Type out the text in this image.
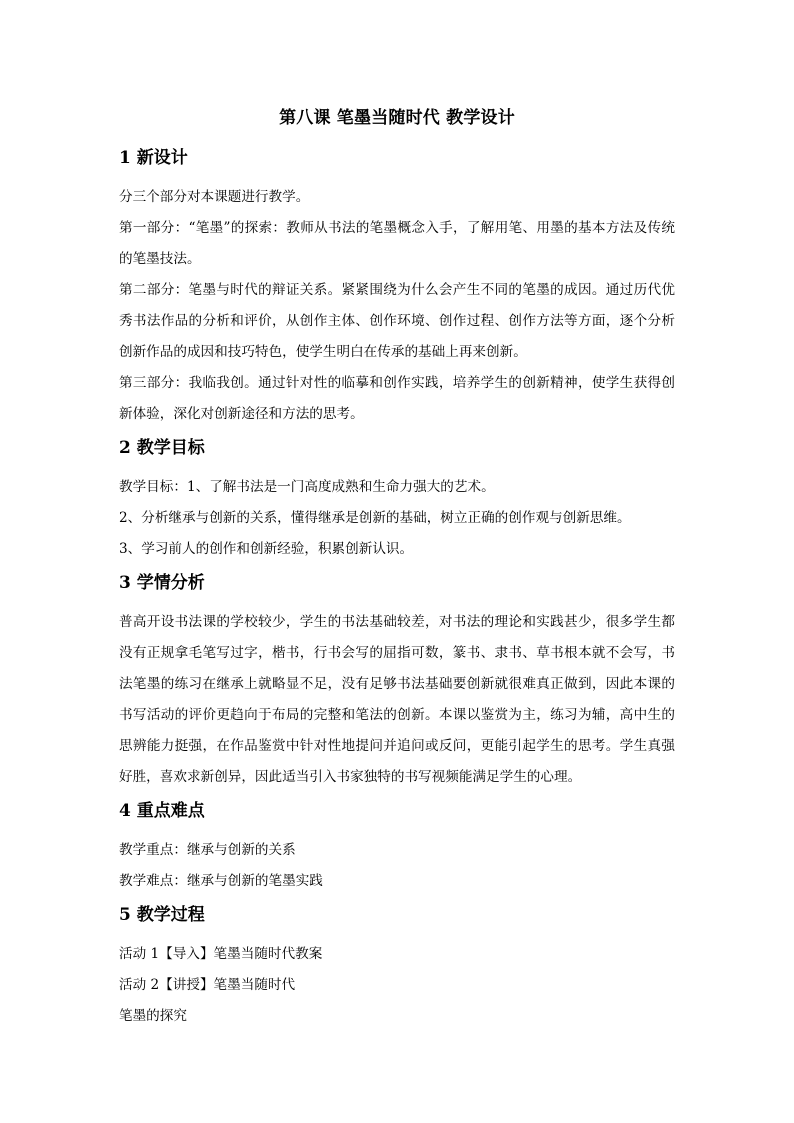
第八课 笔墨当随时代 教学设计
1 新设计

分三个部分对本课题进行教学。

第一部分：“笔墨”的探索：教师从书法的笔墨概念入手，了解用笔、用墨的基本方法及传统的笔墨技法。

第二部分：笔墨与时代的辩证关系。紧紧围绕为什么会产生不同的笔墨的成因。通过历代优秀书法作品的分析和评价，从创作主体、创作环境、创作过程、创作方法等方面，逐个分析创新作品的成因和技巧特色，使学生明白在传承的基础上再来创新。

第三部分：我临我创。通过针对性的临摹和创作实践，培养学生的创新精神，使学生获得创新体验，深化对创新途径和方法的思考。

2 教学目标

教学目标：1、了解书法是一门高度成熟和生命力强大的艺术。

2、分析继承与创新的关系，懂得继承是创新的基础，树立正确的创作观与创新思维。

3、学习前人的创作和创新经验，积累创新认识。

3 学情分析

普高开设书法课的学校较少，学生的书法基础较差，对书法的理论和实践甚少，很多学生都没有正规拿毛笔写过字，楷书，行书会写的屈指可数，篆书、隶书、草书根本就不会写，书法笔墨的练习在继承上就略显不足，没有足够书法基础要创新就很难真正做到，因此本课的书写活动的评价更趋向于布局的完整和笔法的创新。本课以鉴赏为主，练习为辅，高中生的思辨能力挺强，在作品鉴赏中针对性地提问并追问或反问，更能引起学生的思考。学生真强好胜，喜欢求新创异，因此适当引入书家独特的书写视频能满足学生的心理。

4 重点难点

教学重点：继承与创新的关系

教学难点：继承与创新的笔墨实践

5 教学过程

活动 1【导入】笔墨当随时代教案

活动 2【讲授】笔墨当随时代

笔墨的探究
